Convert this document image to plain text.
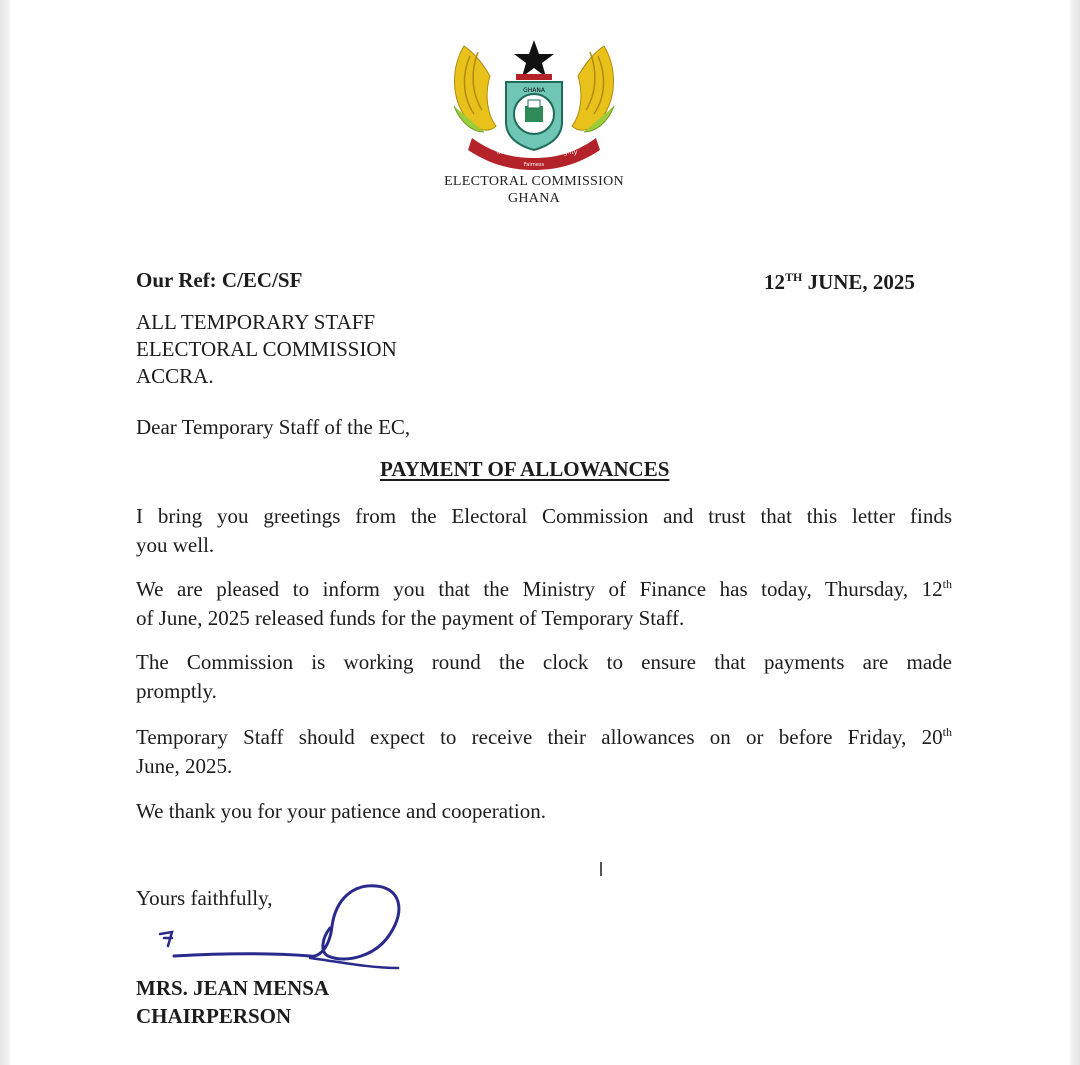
GHANA
Transparency
Fairness
Integrity
ELECTORAL COMMISSION
GHANA
Our Ref: C/EC/SF	12TH JUNE, 2025
ALL TEMPORARY STAFF
ELECTORAL COMMISSION
ACCRA.
Dear Temporary Staff of the EC,
PAYMENT OF ALLOWANCES
I bring you greetings from the Electoral Commission and trust that this letter finds
you well.
We are pleased to inform you that the Ministry of Finance has today, Thursday, 12th
of June, 2025 released funds for the payment of Temporary Staff.
The Commission is working round the clock to ensure that payments are made
promptly.
Temporary Staff should expect to receive their allowances on or before Friday, 20th
June, 2025.
We thank you for your patience and cooperation.
Yours faithfully,
MRS. JEAN MENSA
CHAIRPERSON
